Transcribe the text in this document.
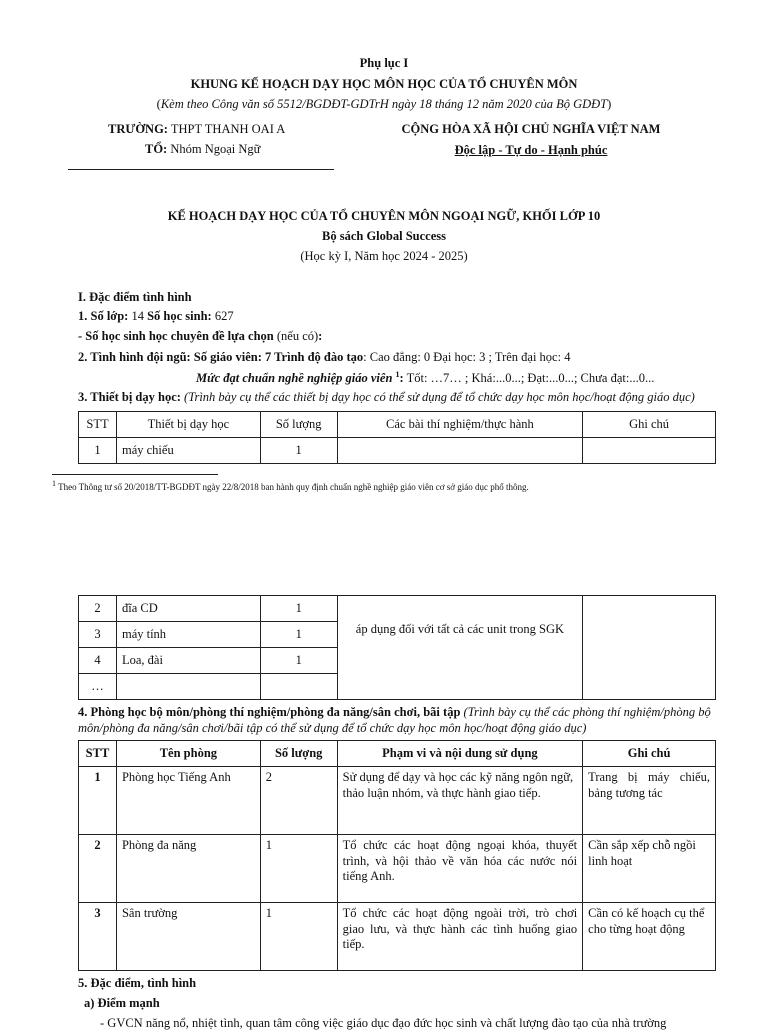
Phụ lục I
KHUNG KẾ HOẠCH DẠY HỌC MÔN HỌC CỦA TỔ CHUYÊN MÔN
(Kèm theo Công văn số 5512/BGDĐT-GDTrH ngày 18 tháng 12 năm 2020 của Bộ GDĐT)
TRƯỜNG: THPT THANH OAI A
TỔ: Nhóm Ngoại Ngữ
CỘNG HÒA XÃ HỘI CHỦ NGHĨA VIỆT NAM
Độc lập - Tự do - Hạnh phúc
KẾ HOẠCH DẠY HỌC CỦA TỔ CHUYÊN MÔN NGOẠI NGỮ, KHỐI LỚP 10
Bộ sách Global Success
(Học kỳ I, Năm học 2024 - 2025)
I. Đặc điểm tình hình
1. Số lớp: 14 Số học sinh: 627
- Số học sinh học chuyên đề lựa chọn (nếu có):
2. Tình hình đội ngũ: Số giáo viên: 7 Trình độ đào tạo: Cao đẳng: 0 Đại học: 3 ; Trên đại học: 4
Mức đạt chuẩn nghề nghiệp giáo viên $^1$: Tốt: …7… ; Khá:...0...; Đạt:...0...; Chưa đạt:...0...
3. Thiết bị dạy học: (Trình bày cụ thể các thiết bị dạy học có thể sử dụng để tổ chức dạy học môn học/hoạt động giáo dục)
STT	Thiết bị dạy học	Số lượng	Các bài thí nghiệm/thực hành	Ghi chú
1	máy chiếu	1		
$^1$ Theo Thông tư số 20/2018/TT-BGDĐT ngày 22/8/2018 ban hành quy định chuẩn nghề nghiệp giáo viên cơ sở giáo dục phổ thông.
2	đĩa CD	1	áp dụng đối với tất cả các unit trong SGK	
3	máy tính	1		
4	Loa, đài	1		
…				
4. Phòng học bộ môn/phòng thí nghiệm/phòng đa năng/sân chơi, bãi tập (Trình bày cụ thể các phòng thí nghiệm/phòng bộ môn/phòng đa năng/sân chơi/bãi tập có thể sử dụng để tổ chức dạy học môn học/hoạt động giáo dục)
STT	Tên phòng	Số lượng	Phạm vi và nội dung sử dụng	Ghi chú
1	Phòng học Tiếng Anh	2	Sử dụng để dạy và học các kỹ năng ngôn ngữ, thảo luận nhóm, và thực hành giao tiếp.	Trang bị máy chiếu, bảng tương tác
2	Phòng đa năng	1	Tổ chức các hoạt động ngoại khóa, thuyết trình, và hội thảo về văn hóa các nước nói tiếng Anh.	Cần sắp xếp chỗ ngồi linh hoạt
3	Sân trường	1	Tổ chức các hoạt động ngoài trời, trò chơi giao lưu, và thực hành các tình huống giao tiếp.	Cần có kế hoạch cụ thể cho từng hoạt động
5. Đặc điểm, tình hình
a) Điểm mạnh
- GVCN năng nổ, nhiệt tình, quan tâm công việc giáo dục đạo đức học sinh và chất lượng đào tạo của nhà trường
